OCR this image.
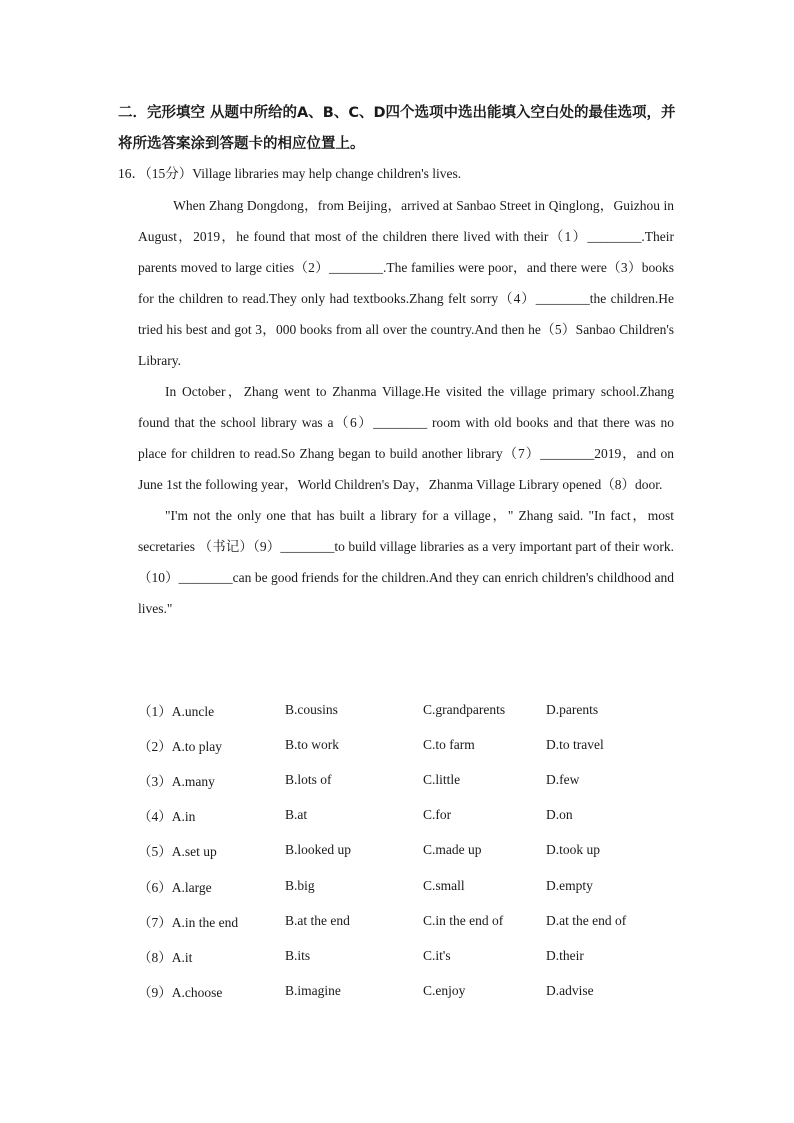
二．完形填空 从题中所给的A、B、C、D四个选项中选出能填入空白处的最佳选项，并将所选答案涂到答题卡的相应位置上。
16．（15分）Village libraries may help change children's lives.

When Zhang Dongdong，from Beijing，arrived at Sanbao Street in Qinglong，Guizhou in August，2019，he found that most of the children there lived with their（1）________.Their parents moved to large cities（2）________.The families were poor，and there were（3）books for the children to read.They only had textbooks.Zhang felt sorry（4）________the children.He tried his best and got 3，000 books from all over the country.And then he（5）Sanbao Children's Library.

In October，Zhang went to Zhanma Village.He visited the village primary school.Zhang found that the school library was a（6）________ room with old books and that there was no place for children to read.So Zhang began to build another library（7）________2019，and on June 1st the following year，World Children's Day，Zhanma Village Library opened（8）door.

"I'm not the only one that has built a library for a village，" Zhang said. "In fact，most secretaries （书记）（9）________to build village libraries as a very important part of their work.（10）________can be good friends for the children.And they can enrich children's childhood and lives."

（1）A.uncle	B.cousins	C.grandparents	D.parents
（2）A.to play	B.to work	C.to farm	D.to travel
（3）A.many	B.lots of	C.little	D.few
（4）A.in	B.at	C.for	D.on
（5）A.set up	B.looked up	C.made up	D.took up
（6）A.large	B.big	C.small	D.empty
（7）A.in the end	B.at the end	C.in the end of	D.at the end of
（8）A.it	B.its	C.it's	D.their
（9）A.choose	B.imagine	C.enjoy	D.advise
